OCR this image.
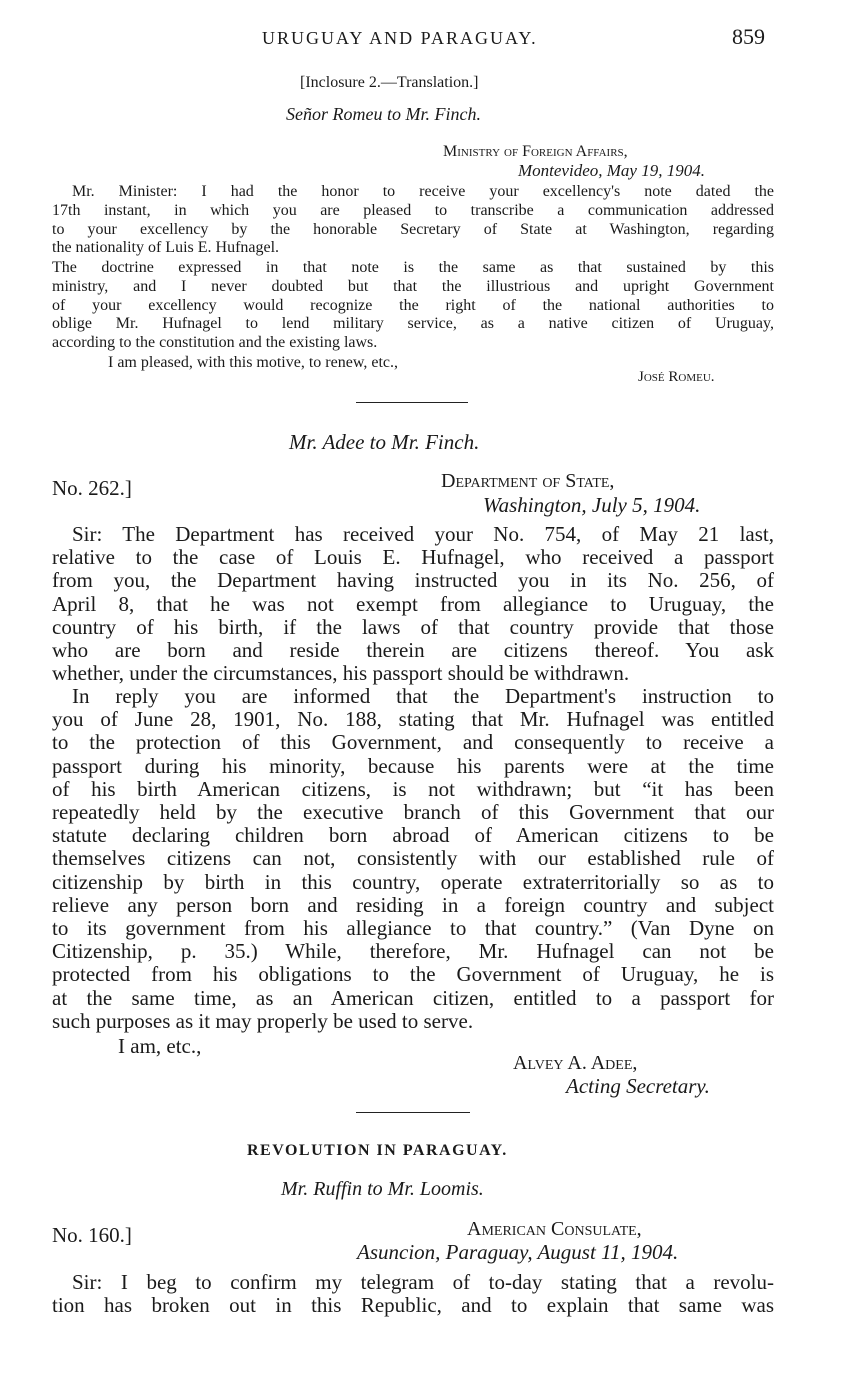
URUGUAY AND PARAGUAY.	859
[Inclosure 2.—Translation.]
Señor Romeu to Mr. Finch.
Ministry of Foreign Affairs,
Montevideo, May 19, 1904.
Mr. Minister: I had the honor to receive your excellency's note dated the
17th instant, in which you are pleased to transcribe a communication addressed
to your excellency by the honorable Secretary of State at Washington, regarding
the nationality of Luis E. Hufnagel.
The doctrine expressed in that note is the same as that sustained by this
ministry, and I never doubted but that the illustrious and upright Government
of your excellency would recognize the right of the national authorities to
oblige Mr. Hufnagel to lend military service, as a native citizen of Uruguay,
according to the constitution and the existing laws.
I am pleased, with this motive, to renew, etc.,
José Romeu.
Mr. Adee to Mr. Finch.
No. 262.]	Department of State,
Washington, July 5, 1904.
Sir: The Department has received your No. 754, of May 21 last,
relative to the case of Louis E. Hufnagel, who received a passport
from you, the Department having instructed you in its No. 256, of
April 8, that he was not exempt from allegiance to Uruguay, the
country of his birth, if the laws of that country provide that those
who are born and reside therein are citizens thereof. You ask
whether, under the circumstances, his passport should be withdrawn.
In reply you are informed that the Department's instruction to
you of June 28, 1901, No. 188, stating that Mr. Hufnagel was entitled
to the protection of this Government, and consequently to receive a
passport during his minority, because his parents were at the time
of his birth American citizens, is not withdrawn; but “it has been
repeatedly held by the executive branch of this Government that our
statute declaring children born abroad of American citizens to be
themselves citizens can not, consistently with our established rule of
citizenship by birth in this country, operate extraterritorially so as to
relieve any person born and residing in a foreign country and subject
to its government from his allegiance to that country.” (Van Dyne on
Citizenship, p. 35.) While, therefore, Mr. Hufnagel can not be
protected from his obligations to the Government of Uruguay, he is
at the same time, as an American citizen, entitled to a passport for
such purposes as it may properly be used to serve.
I am, etc.,
Alvey A. Adee,
Acting Secretary.
REVOLUTION IN PARAGUAY.
Mr. Ruffin to Mr. Loomis.
No. 160.]	American Consulate,
Asuncion, Paraguay, August 11, 1904.
Sir: I beg to confirm my telegram of to-day stating that a revolu-
tion has broken out in this Republic, and to explain that same was
